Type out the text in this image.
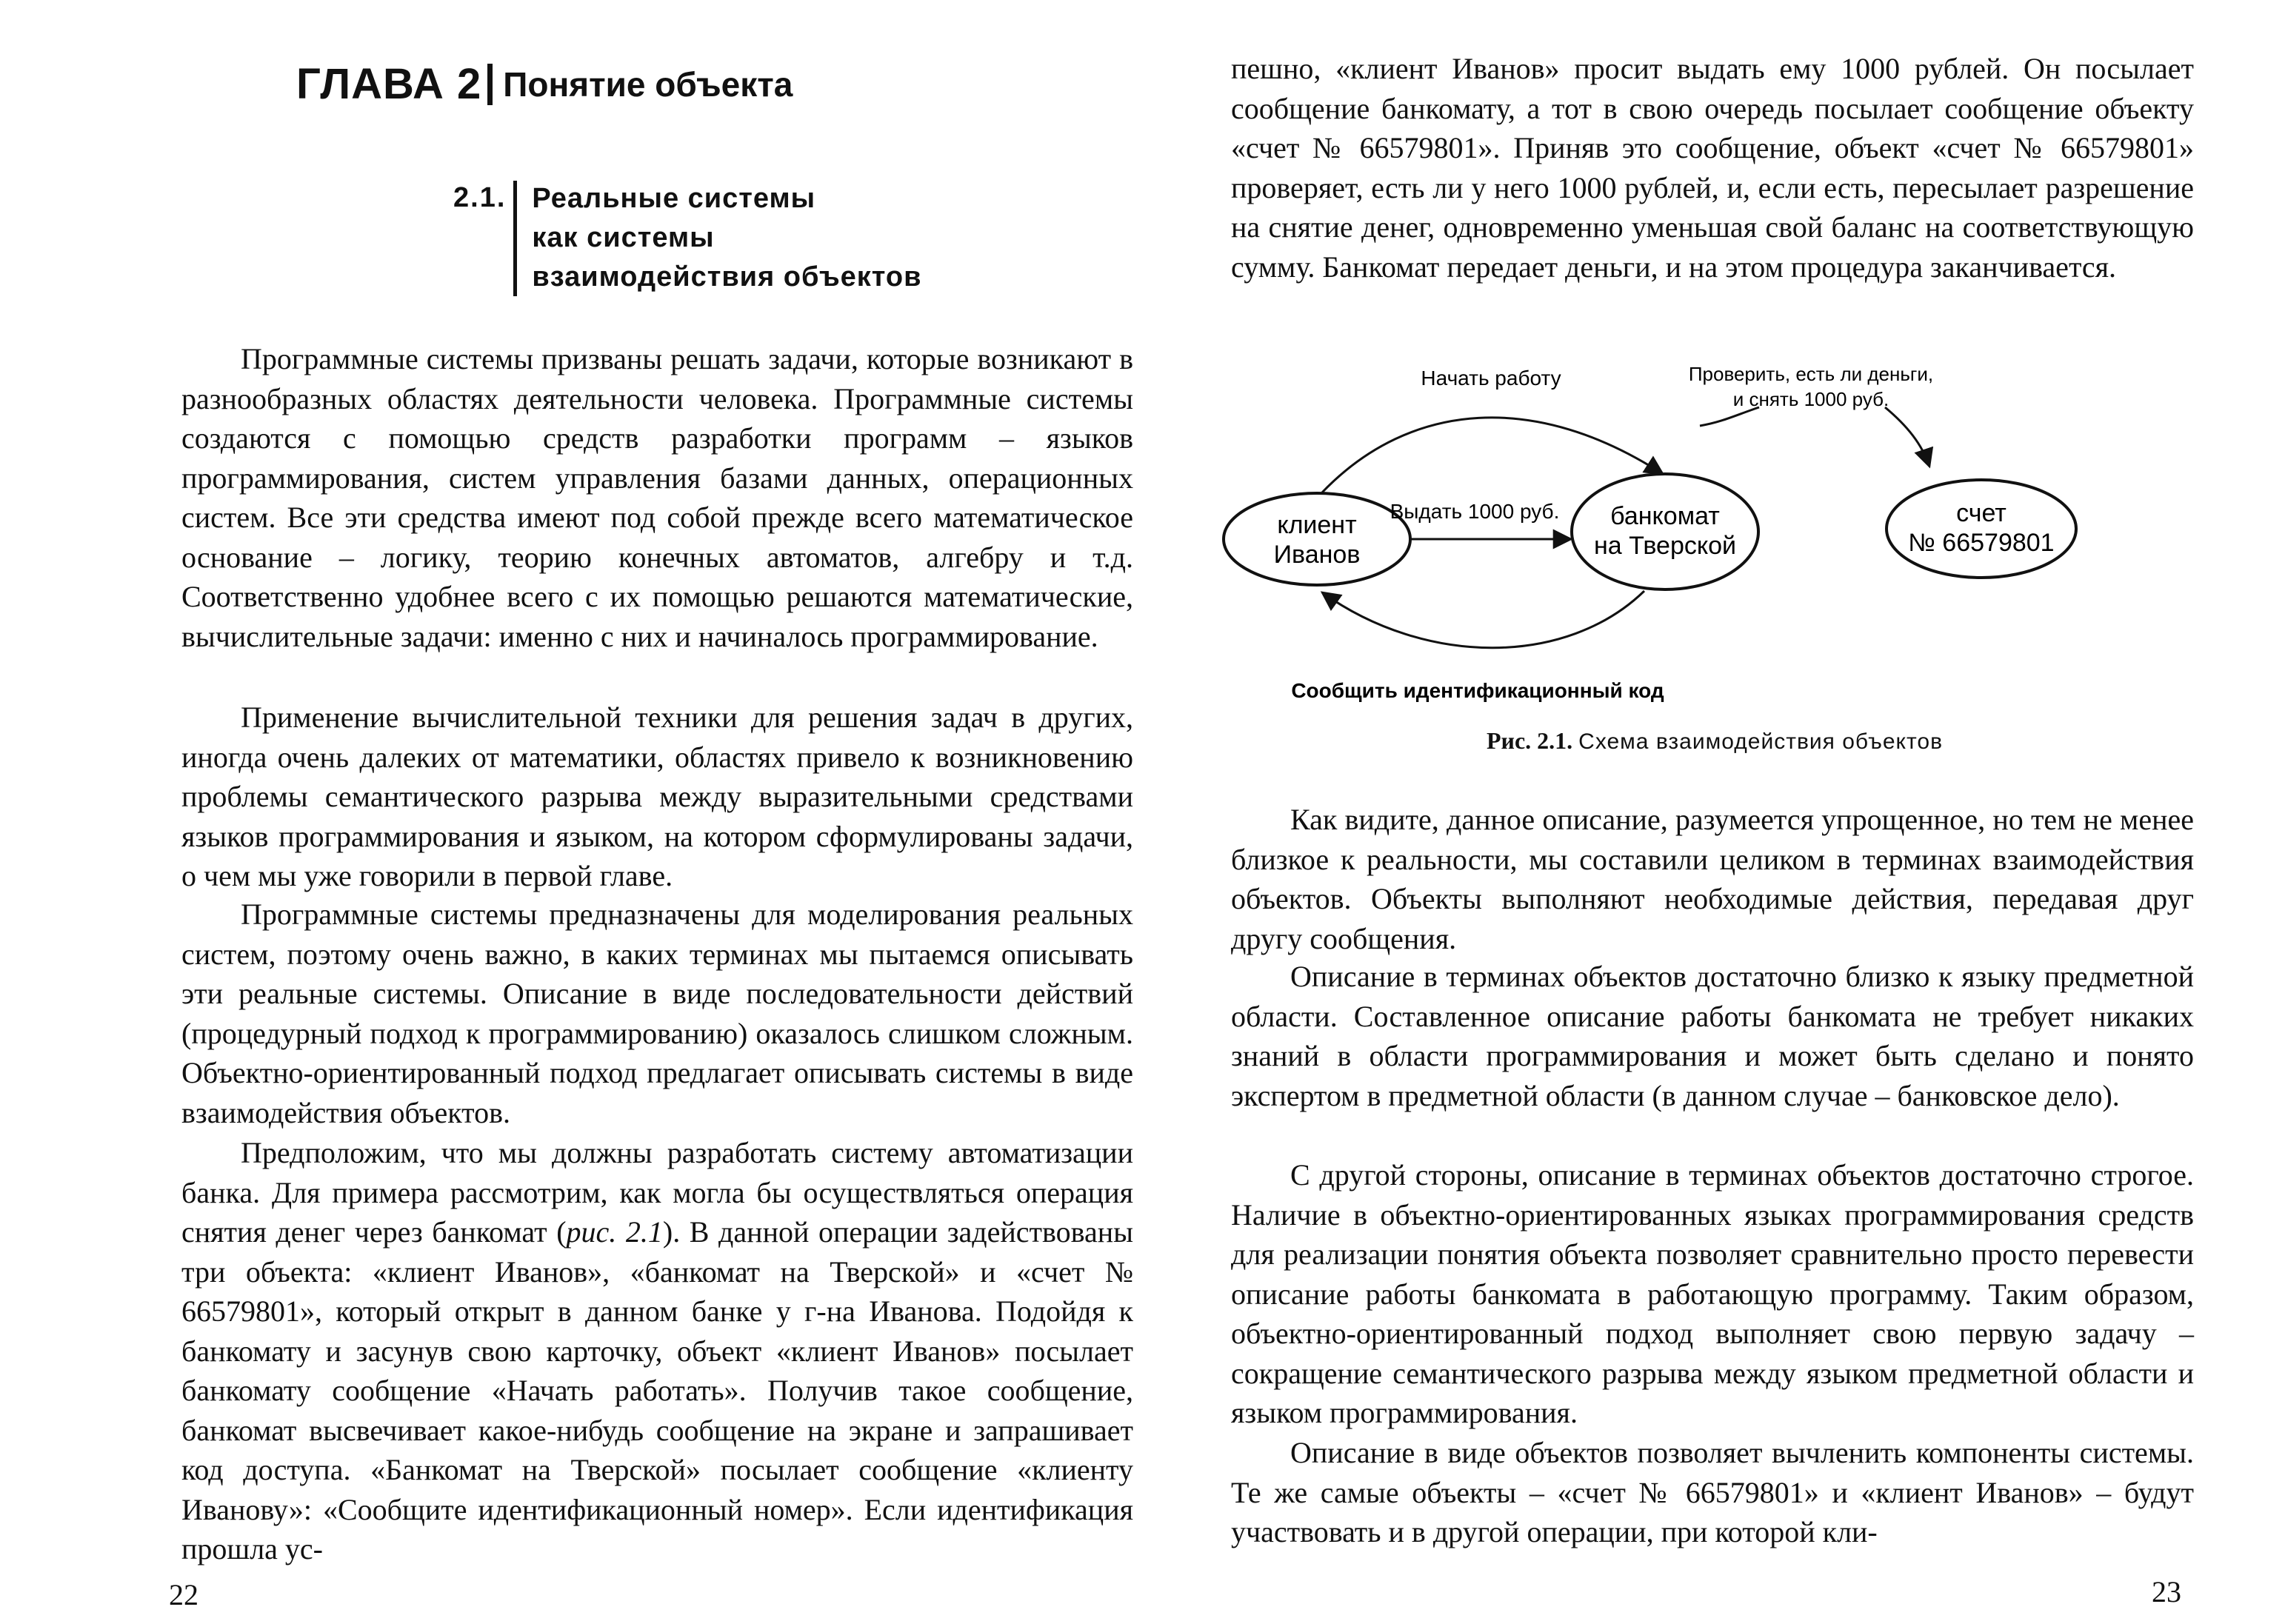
ГЛАВА 2 Понятие объекта
2.1. Реальные системы
как системы
взаимодействия объектов

Программные системы призваны решать задачи, которые возникают в разнообразных областях деятельности человека. Программные системы создаются с помощью средств разработки программ – языков программирования, систем управления базами данных, операционных систем. Все эти средства имеют под собой прежде всего математическое основание – логику, теорию конечных автоматов, алгебру и т.д. Соответственно удобнее всего с их помощью решаются математические, вычислительные задачи: именно с них и начиналось программирование.

Применение вычислительной техники для решения задач в других, иногда очень далеких от математики, областях привело к возникновению проблемы семантического разрыва между выразительными средствами языков программирования и языком, на котором сформулированы задачи, о чем мы уже говорили в первой главе.

Программные системы предназначены для моделирования реальных систем, поэтому очень важно, в каких терминах мы пытаемся описывать эти реальные системы. Описание в виде последовательности действий (процедурный подход к программированию) оказалось слишком сложным. Объектно-ориентированный подход предлагает описывать системы в виде взаимодействия объектов.

Предположим, что мы должны разработать систему автоматизации банка. Для примера рассмотрим, как могла бы осуществляться операция снятия денег через банкомат (рис. 2.1). В данной операции задействованы три объекта: «клиент Иванов», «банкомат на Тверской» и «счет № 66579801», который открыт в данном банке у г-на Иванова. Подойдя к банкомату и засунув свою карточку, объект «клиент Иванов» посылает банкомату сообщение «Начать работать». Получив такое сообщение, банкомат высвечивает какое-нибудь сообщение на экране и запрашивает код доступа. «Банкомат на Тверской» посылает сообщение «клиенту Иванову»: «Сообщите идентификационный номер». Если идентификация прошла ус-

22

пешно, «клиент Иванов» просит выдать ему 1000 рублей. Он посылает сообщение банкомату, а тот в свою очередь посылает сообщение объекту «счет № 66579801». Приняв это сообщение, объект «счет № 66579801» проверяет, есть ли у него 1000 рублей, и, если есть, пересылает разрешение на снятие денег, одновременно уменьшая свой баланс на соответствующую сумму. Банкомат передает деньги, и на этом процедура заканчивается.

клиент
Иванов
банкомат
на Тверской
счет
№ 66579801
Начать работу
Выдать 1000 руб.
Проверить, есть ли деньги,
и снять 1000 руб.
Сообщить идентификационный код
Рис. 2.1. Схема взаимодействия объектов

Как видите, данное описание, разумеется упрощенное, но тем не менее близкое к реальности, мы составили целиком в терминах взаимодействия объектов. Объекты выполняют необходимые действия, передавая друг другу сообщения.

Описание в терминах объектов достаточно близко к языку предметной области. Составленное описание работы банкомата не требует никаких знаний в области программирования и может быть сделано и понято экспертом в предметной области (в данном случае – банковское дело).

С другой стороны, описание в терминах объектов достаточно строгое. Наличие в объектно-ориентированных языках программирования средств для реализации понятия объекта позволяет сравнительно просто перевести описание работы банкомата в работающую программу. Таким образом, объектно-ориентированный подход выполняет свою первую задачу – сокращение семантического разрыва между языком предметной области и языком программирования.

Описание в виде объектов позволяет вычленить компоненты системы. Те же самые объекты – «счет № 66579801» и «клиент Иванов» – будут участвовать и в другой операции, при которой кли-

23
